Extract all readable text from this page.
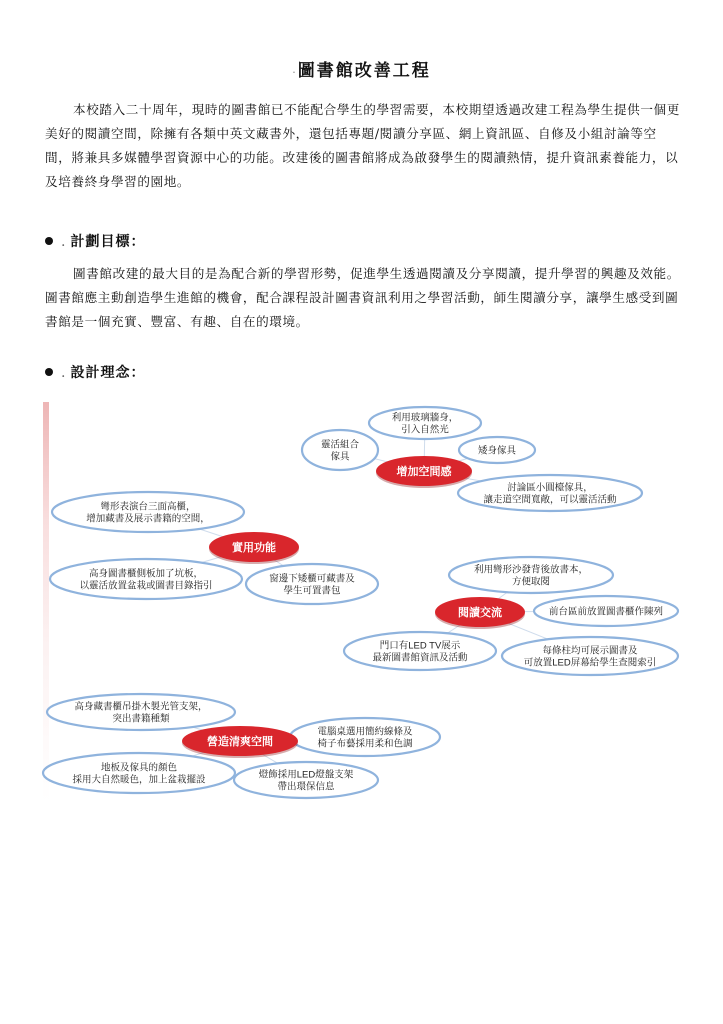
·圖書館改善工程

本校踏入二十周年，現時的圖書館已不能配合學生的學習需要，本校期望透過改建工程為學生提供一個更美好的閱讀空間，除擁有各類中英文藏書外，還包括專題/閱讀分享區、網上資訊區、自修及小組討論等空間，將兼具多媒體學習資源中心的功能。改建後的圖書館將成為啟發學生的閱讀熱情，提升資訊素養能力，以及培養終身學習的園地。

. 計劃目標：

圖書館改建的最大目的是為配合新的學習形勢，促進學生透過閱讀及分享閱讀，提升學習的興趣及效能。圖書館應主動創造學生進館的機會，配合課程設計圖書資訊利用之學習活動，師生閱讀分享，讓學生感受到圖書館是一個充實、豐富、有趣、自在的環境。

. 設計理念：
利用玻璃牆身，
引入自然光
靈活組合
傢具
矮身傢具
討論區小圓檯傢具，
讓走道空間寬敞，可以靈活活動
彎形表演台三面高櫃，
增加藏書及展示書籍的空間，
高身圖書櫃側板加了坑板，
以靈活放置盆栽或圖書目錄指引
窗邊下矮櫃可藏書及
學生可置書包
利用彎形沙發背後放書本，
方便取閱
前台區前放置圖書櫃作陳列
門口有LED TV展示
最新圖書館資訊及活動
每條柱均可展示圖書及
可放置LED屏幕給學生查閱索引
高身藏書櫃吊掛木製光管支架，
突出書籍種類
地板及傢具的顏色
採用大自然暖色，加上盆栽擺設
電腦桌選用簡約線條及
椅子布藝採用柔和色調
燈飾採用LED燈盤支架
帶出環保信息
增加空間感
實用功能
閱讀交流
營造清爽空間
